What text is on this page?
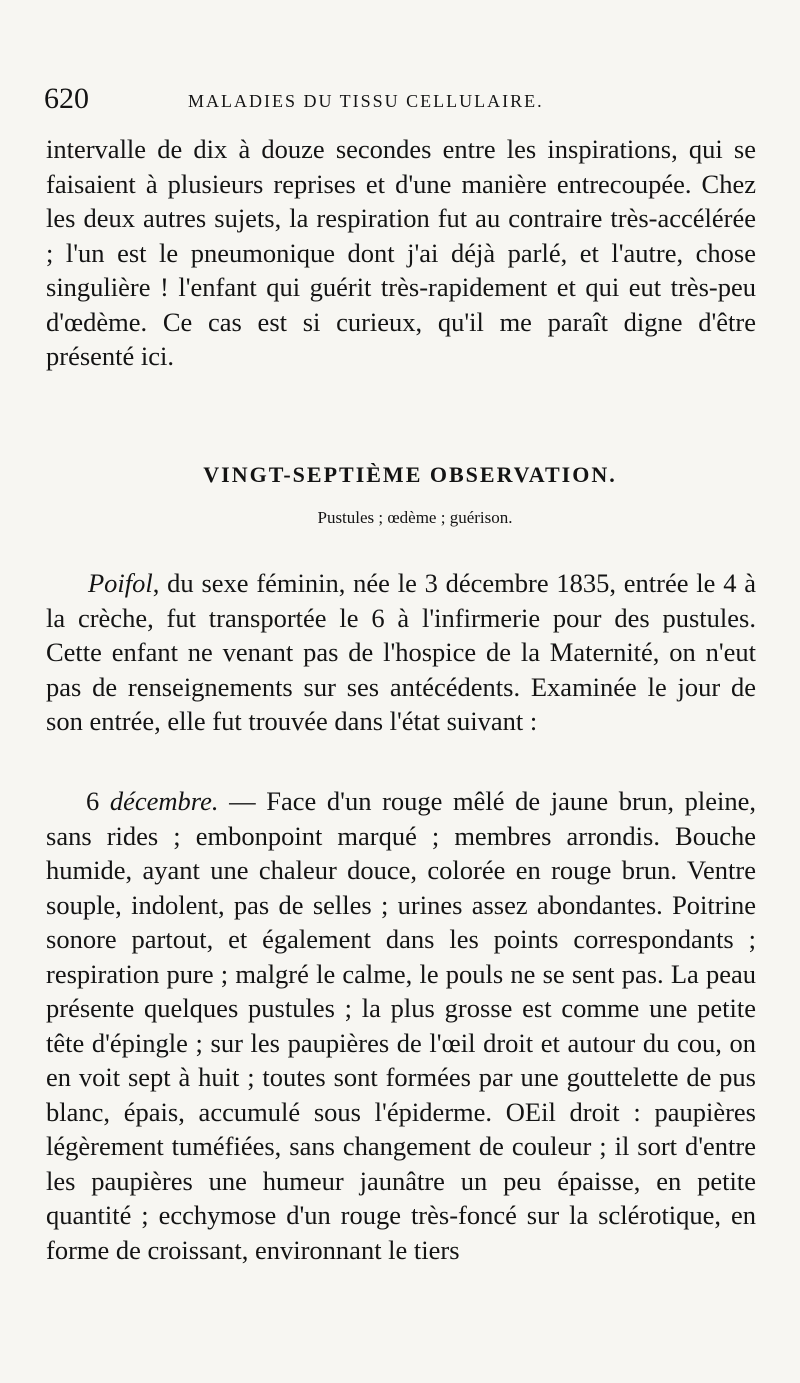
620	MALADIES DU TISSU CELLULAIRE.

intervalle de dix à douze secondes entre les inspirations, qui se faisaient à plusieurs reprises et d'une manière entrecoupée. Chez les deux autres sujets, la respiration fut au contraire très-accélérée ; l'un est le pneumonique dont j'ai déjà parlé, et l'autre, chose singulière ! l'enfant qui guérit très-rapidement et qui eut très-peu d'œdème. Ce cas est si curieux, qu'il me paraît digne d'être présenté ici.

VINGT-SEPTIÈME OBSERVATION.
Pustules ; œdème ; guérison.

Poifol, du sexe féminin, née le 3 décembre 1835, entrée le 4 à la crèche, fut transportée le 6 à l'infirmerie pour des pustules. Cette enfant ne venant pas de l'hospice de la Maternité, on n'eut pas de renseignements sur ses antécédents. Examinée le jour de son entrée, elle fut trouvée dans l'état suivant :

6 décembre. — Face d'un rouge mêlé de jaune brun, pleine, sans rides ; embonpoint marqué ; membres arrondis. Bouche humide, ayant une chaleur douce, colorée en rouge brun. Ventre souple, indolent, pas de selles ; urines assez abondantes. Poitrine sonore partout, et également dans les points correspondants ; respiration pure ; malgré le calme, le pouls ne se sent pas. La peau présente quelques pustules ; la plus grosse est comme une petite tête d'épingle ; sur les paupières de l'œil droit et autour du cou, on en voit sept à huit ; toutes sont formées par une gouttelette de pus blanc, épais, accumulé sous l'épiderme. OEil droit : paupières légèrement tuméfiées, sans changement de couleur ; il sort d'entre les paupières une humeur jaunâtre un peu épaisse, en petite quantité ; ecchymose d'un rouge très-foncé sur la sclérotique, en forme de croissant, environnant le tiers
